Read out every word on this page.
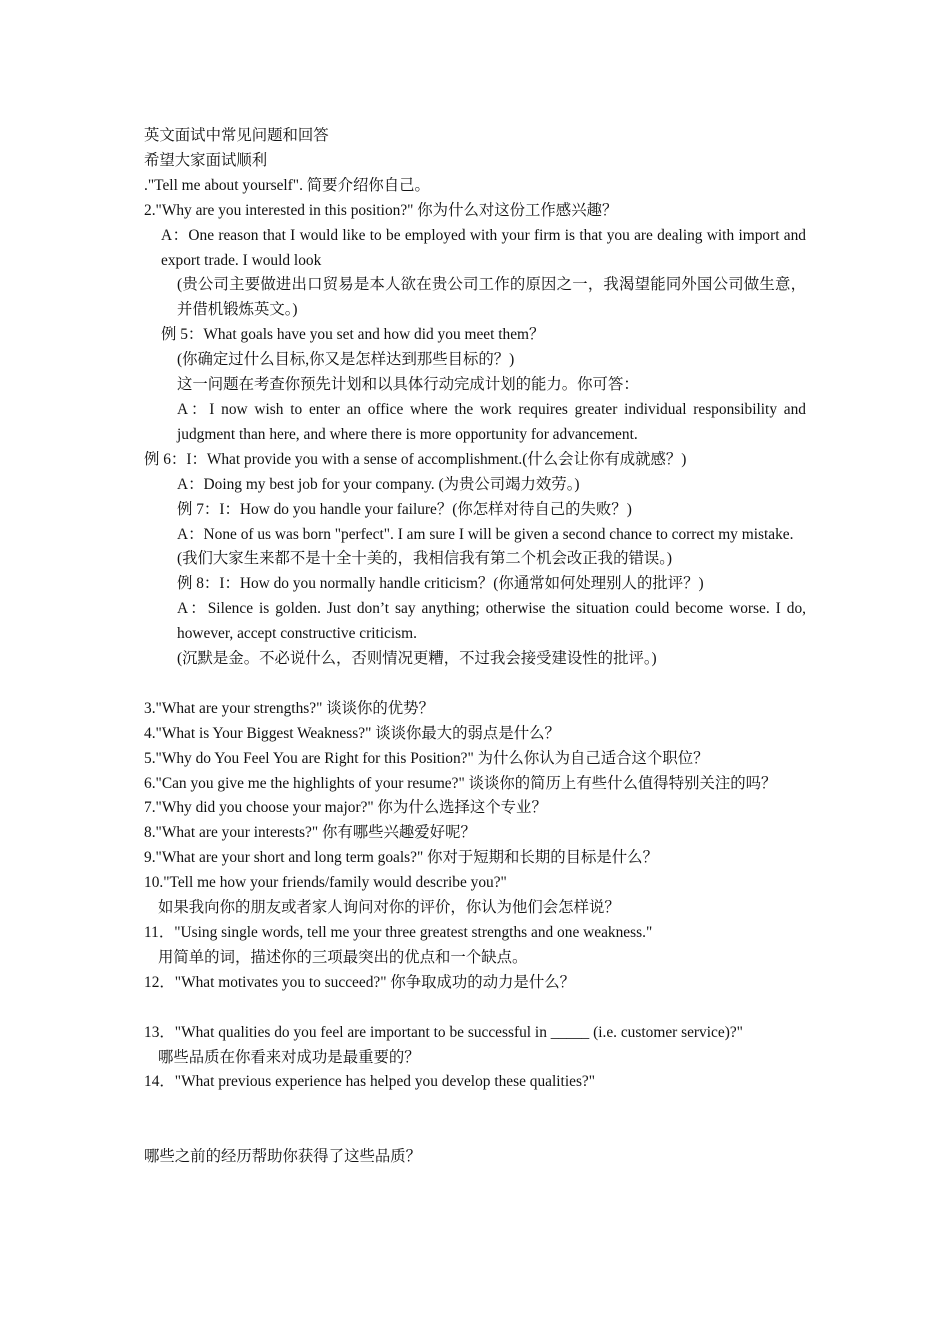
英文面试中常见问题和回答

希望大家面试顺利

."Tell me about yourself". 简要介绍你自己。

2."Why are you interested in this position?" 你为什么对这份工作感兴趣？

A：One reason that I would like to be employed with your firm is that you are dealing with import and export trade. I would look

(贵公司主要做进出口贸易是本人欲在贵公司工作的原因之一，我渴望能同外国公司做生意，并借机锻炼英文。)

例 5：What goals have you set and how did you meet them？

(你确定过什么目标,你又是怎样达到那些目标的？)

这一问题在考查你预先计划和以具体行动完成计划的能力。你可答：

A：I now wish to enter an office where the work requires greater individual responsibility and judgment than here, and where there is more opportunity for advancement.

例 6：I：What provide you with a sense of accomplishment.(什么会让你有成就感？)

A：Doing my best job for your company. (为贵公司竭力效劳。)

例 7：I：How do you handle your failure？(你怎样对待自己的失败？)

A：None of us was born "perfect". I am sure I will be given a second chance to correct my mistake.

(我们大家生来都不是十全十美的，我相信我有第二个机会改正我的错误。)

例 8：I：How do you normally handle criticism？(你通常如何处理别人的批评？)

A：Silence is golden. Just don’t say anything; otherwise the situation could become worse. I do, however, accept constructive criticism.

(沉默是金。不必说什么，否则情况更糟，不过我会接受建设性的批评。)

3."What are your strengths?" 谈谈你的优势？

4."What is Your Biggest Weakness?" 谈谈你最大的弱点是什么？

5."Why do You Feel You are Right for this Position?" 为什么你认为自己适合这个职位？

6."Can you give me the highlights of your resume?" 谈谈你的简历上有些什么值得特别关注的吗？

7."Why did you choose your major?" 你为什么选择这个专业？

8."What are your interests?" 你有哪些兴趣爱好呢？

9."What are your short and long term goals?" 你对于短期和长期的目标是什么？

10."Tell me how your friends/family would describe you?"

如果我向你的朋友或者家人询问对你的评价，你认为他们会怎样说？

11．"Using single words, tell me your three greatest strengths and one weakness."

用简单的词，描述你的三项最突出的优点和一个缺点。

12．"What motivates you to succeed?" 你争取成功的动力是什么？

13．"What qualities do you feel are important to be successful in _____ (i.e. customer service)?"

哪些品质在你看来对成功是最重要的？

14．"What previous experience has helped you develop these qualities?"

哪些之前的经历帮助你获得了这些品质？
